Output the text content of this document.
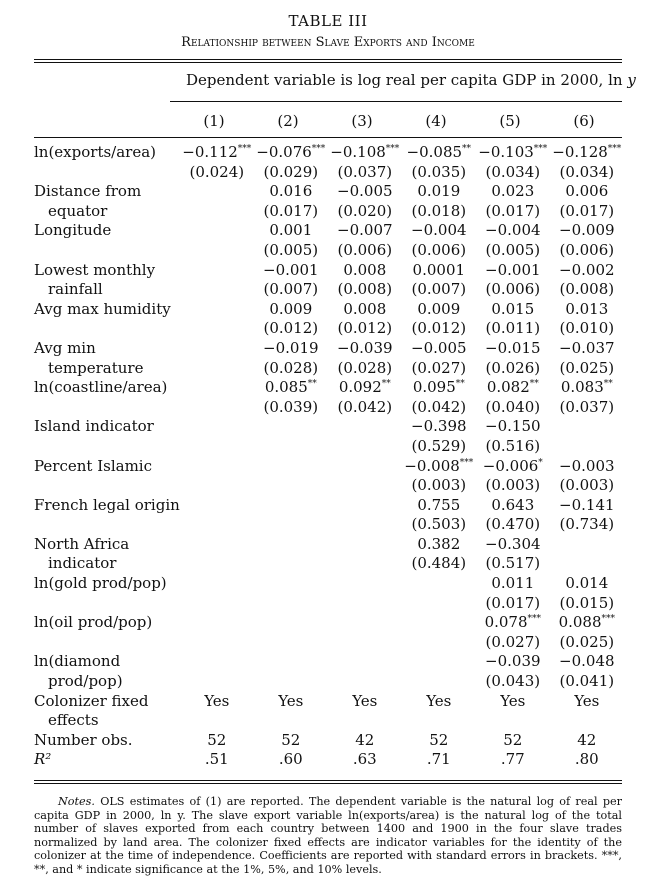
TABLE III
Relationship between Slave Exports and Income
Dependent variable is log real per capita GDP in 2000, ln y
(1)	(2)	(3)	(4)	(5)	(6)
ln(exports/area)	−0.112***	−0.076***	−0.108***	−0.085**	−0.103***	−0.128***
	(0.024)	(0.029)	(0.037)	(0.035)	(0.034)	(0.034)
Distance from		0.016	−0.005	0.019	0.023	0.006
equator		(0.017)	(0.020)	(0.018)	(0.017)	(0.017)
Longitude		0.001	−0.007	−0.004	−0.004	−0.009
		(0.005)	(0.006)	(0.006)	(0.005)	(0.006)
Lowest monthly		−0.001	0.008	0.0001	−0.001	−0.002
rainfall		(0.007)	(0.008)	(0.007)	(0.006)	(0.008)
Avg max humidity		0.009	0.008	0.009	0.015	0.013
		(0.012)	(0.012)	(0.012)	(0.011)	(0.010)
Avg min		−0.019	−0.039	−0.005	−0.015	−0.037
temperature		(0.028)	(0.028)	(0.027)	(0.026)	(0.025)
ln(coastline/area)		0.085**	0.092**	0.095**	0.082**	0.083**
		(0.039)	(0.042)	(0.042)	(0.040)	(0.037)
Island indicator				−0.398	−0.150	
				(0.529)	(0.516)	
Percent Islamic				−0.008***	−0.006*	−0.003
				(0.003)	(0.003)	(0.003)
French legal origin				0.755	0.643	−0.141
				(0.503)	(0.470)	(0.734)
North Africa				0.382	−0.304	
indicator				(0.484)	(0.517)	
ln(gold prod/pop)					0.011	0.014
					(0.017)	(0.015)
ln(oil prod/pop)					0.078***	0.088***
					(0.027)	(0.025)
ln(diamond					−0.039	−0.048
prod/pop)					(0.043)	(0.041)
Colonizer fixed	Yes	Yes	Yes	Yes	Yes	Yes
effects						
Number obs.	52	52	42	52	52	42
R²	.51	.60	.63	.71	.77	.80
Notes. OLS estimates of (1) are reported. The dependent variable is the natural log of real per capita GDP in 2000, ln y. The slave export variable ln(exports/area) is the natural log of the total number of slaves exported from each country between 1400 and 1900 in the four slave trades normalized by land area. The colonizer fixed effects are indicator variables for the identity of the colonizer at the time of independence. Coefficients are reported with standard errors in brackets. ***, **, and * indicate significance at the 1%, 5%, and 10% levels.
